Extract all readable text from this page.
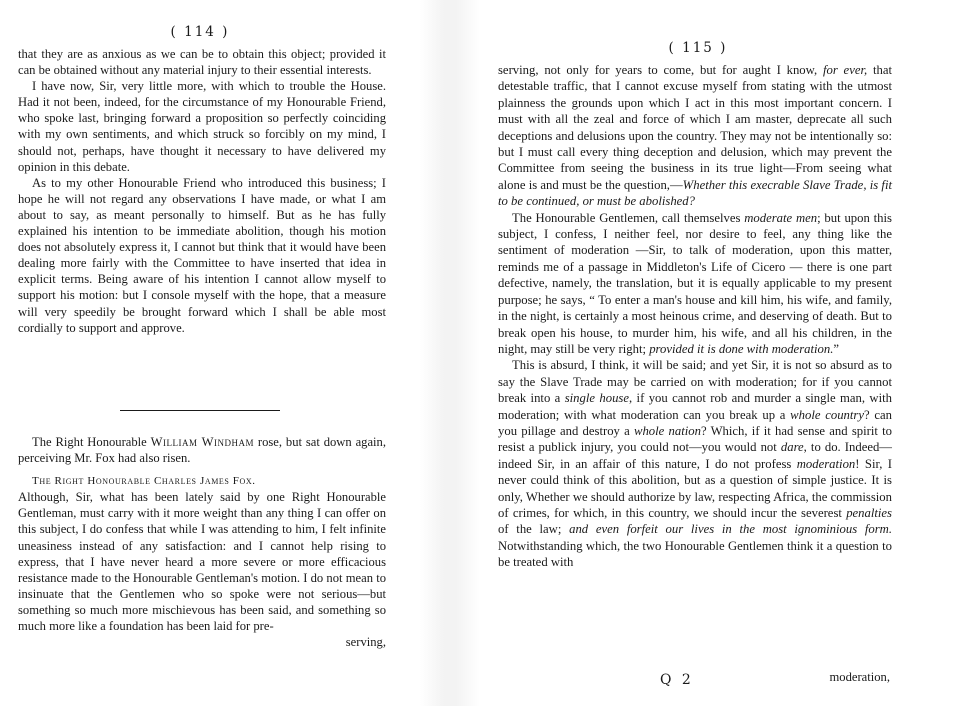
( 114 )

that they are as anxious as we can be to obtain this object; provided it can be obtained without any material injury to their essential interests.

I have now, Sir, very little more, with which to trouble the House. Had it not been, indeed, for the circumstance of my Honourable Friend, who spoke last, bringing forward a proposition so perfectly coinciding with my own sentiments, and which struck so forcibly on my mind, I should not, perhaps, have thought it necessary to have delivered my opinion in this debate.

As to my other Honourable Friend who introduced this business; I hope he will not regard any observations I have made, or what I am about to say, as meant personally to himself. But as he has fully explained his intention to be immediate abolition, though his motion does not absolutely express it, I cannot but think that it would have been dealing more fairly with the Committee to have inserted that idea in explicit terms. Being aware of his intention I cannot allow myself to support his motion: but I console myself with the hope, that a measure will very speedily be brought forward which I shall be able most cordially to support and approve.

The Right Honourable William Windham rose, but sat down again, perceiving Mr. Fox had also risen.

The Right Honourable Charles James Fox.

Although, Sir, what has been lately said by one Right Honourable Gentleman, must carry with it more weight than any thing I can offer on this subject, I do confess that while I was attending to him, I felt infinite uneasiness instead of any satisfaction: and I cannot help rising to express, that I have never heard a more severe or more efficacious resistance made to the Honourable Gentleman's motion. I do not mean to insinuate that the Gentlemen who so spoke were not serious—but something so much more mischievous has been said, and something so much more like a foundation has been laid for pre-

serving,
( 115 )

serving, not only for years to come, but for aught I know, for ever, that detestable traffic, that I cannot excuse myself from stating with the utmost plainness the grounds upon which I act in this most important concern. I must with all the zeal and force of which I am master, deprecate all such deceptions and delusions upon the country. They may not be intentionally so: but I must call every thing deception and delusion, which may prevent the Committee from seeing the business in its true light—From seeing what alone is and must be the question,—Whether this execrable Slave Trade, is fit to be continued, or must be abolished?

The Honourable Gentlemen, call themselves moderate men; but upon this subject, I confess, I neither feel, nor desire to feel, any thing like the sentiment of moderation —Sir, to talk of moderation, upon this matter, reminds me of a passage in Middleton's Life of Cicero — there is one part defective, namely, the translation, but it is equally applicable to my present purpose; he says, “ To enter a man's house and kill him, his wife, and family, in the night, is certainly a most heinous crime, and deserving of death. But to break open his house, to murder him, his wife, and all his children, in the night, may still be very right; provided it is done with moderation.”

This is absurd, I think, it will be said; and yet Sir, it is not so absurd as to say the Slave Trade may be carried on with moderation; for if you cannot break into a single house, if you cannot rob and murder a single man, with moderation; with what moderation can you break up a whole country? can you pillage and destroy a whole nation? Which, if it had sense and spirit to resist a publick injury, you could not—you would not dare, to do. Indeed—indeed Sir, in an affair of this nature, I do not profess moderation! Sir, I never could think of this abolition, but as a question of simple justice. It is only, Whether we should authorize by law, respecting Africa, the commission of crimes, for which, in this country, we should incur the severest penalties of the law; and even forfeit our lives in the most ignominious form. Notwithstanding which, the two Honourable Gentlemen think it a question to be treated with

Q 2	moderation,
